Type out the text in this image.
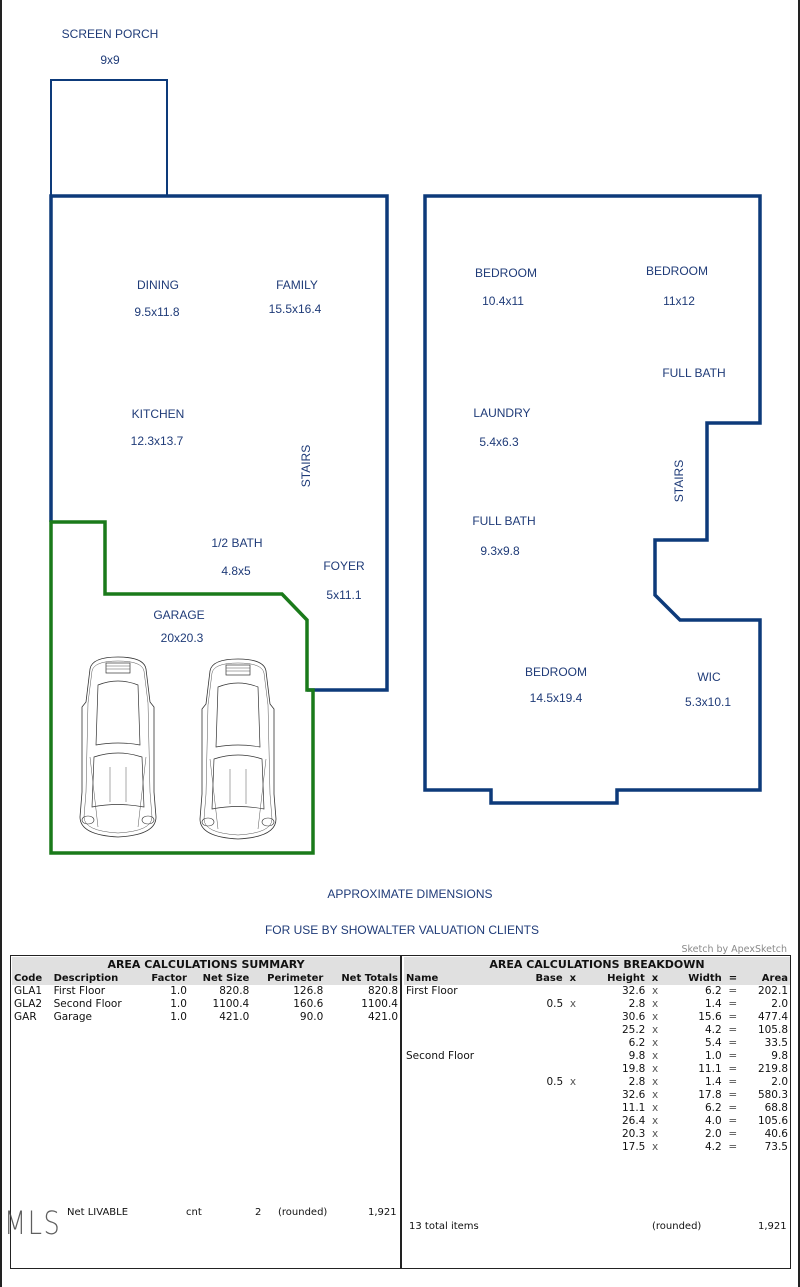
SCREEN PORCH
9x9
DINING
9.5x11.8
FAMILY
15.5x16.4
KITCHEN
12.3x13.7
STAIRS
1/2 BATH
4.8x5	FOYER
5x11.1
GARAGE
20x20.3
BEDROOM
10.4x11
BEDROOM
11x12
FULL BATH
LAUNDRY
5.4x6.3
STAIRS
FULL BATH
9.3x9.8
BEDROOM
14.5x19.4
WIC
5.3x10.1
APPROXIMATE DIMENSIONS
FOR USE BY SHOWALTER VALUATION CLIENTS
Sketch by ApexSketch
AREA CALCULATIONS SUMMARY					
Code	Description	Factor	Net Size	Perimeter	Net Totals
GLA1	First Floor	1.0	820.8	126.8	820.8
GLA2	Second Floor	1.0	1100.4	160.6	1100.4
GAR	Garage	1.0	421.0	90.0	421.0
AREA CALCULATIONS BREAKDOWN				
Name	Base  x	Height  x	Width  =	Area
First Floor		32.6  x	6.2  =	202.1
	0.5  x	2.8  x	1.4  =	2.0
		30.6  x	15.6  =	477.4
		25.2  x	4.2  =	105.8
		6.2  x	5.4  =	33.5
Second Floor		9.8  x	1.0  =	9.8
		19.8  x	11.1  =	219.8
	0.5  x	2.8  x	1.4  =	2.0
		32.6  x	17.8  =	580.3
		11.1  x	6.2  =	68.8
		26.4  x	4.0  =	105.6
		20.3  x	2.0  =	40.6
		17.5  x	4.2  =	73.5
Net LIVABLE	cnt	2 (rounded)	1,921
13 total items	(rounded)	1,921
MLS
